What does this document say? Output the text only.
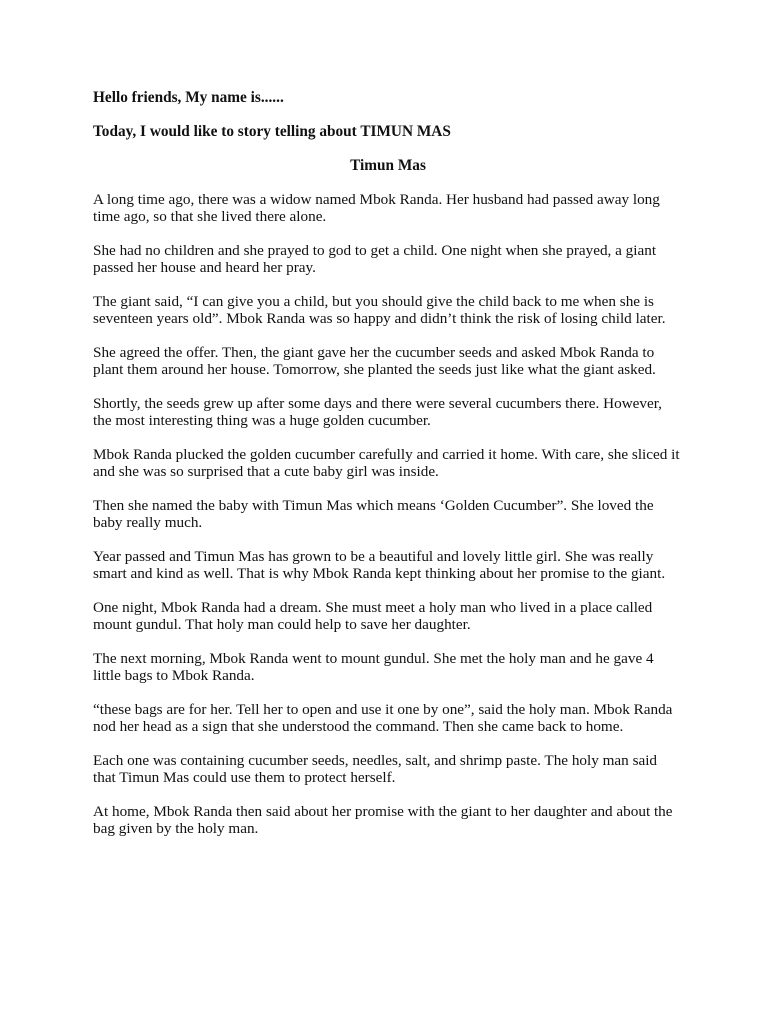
Hello friends, My name is......

Today, I would like to story telling about TIMUN MAS

Timun Mas

A long time ago, there was a widow named Mbok Randa. Her husband had passed away long time ago, so that she lived there alone.

She had no children and she prayed to god to get a child. One night when she prayed, a giant passed her house and heard her pray.

The giant said, “I can give you a child, but you should give the child back to me when she is seventeen years old”. Mbok Randa was so happy and didn’t think the risk of losing child later.

She agreed the offer. Then, the giant gave her the cucumber seeds and asked Mbok Randa to plant them around her house. Tomorrow, she planted the seeds just like what the giant asked.

Shortly, the seeds grew up after some days and there were several cucumbers there. However, the most interesting thing was a huge golden cucumber.

Mbok Randa plucked the golden cucumber carefully and carried it home. With care, she sliced it and she was so surprised that a cute baby girl was inside.

Then she named the baby with Timun Mas which means ‘Golden Cucumber”. She loved the baby really much.

Year passed and Timun Mas has grown to be a beautiful and lovely little girl. She was really smart and kind as well. That is why Mbok Randa kept thinking about her promise to the giant.

One night, Mbok Randa had a dream. She must meet a holy man who lived in a place called mount gundul. That holy man could help to save her daughter.

The next morning, Mbok Randa went to mount gundul. She met the holy man and he gave 4 little bags to Mbok Randa.

“these bags are for her. Tell her to open and use it one by one”, said the holy man. Mbok Randa nod her head as a sign that she understood the command. Then she came back to home.

Each one was containing cucumber seeds, needles, salt, and shrimp paste. The holy man said that Timun Mas could use them to protect herself.

At home, Mbok Randa then said about her promise with the giant to her daughter and about the bag given by the holy man.
